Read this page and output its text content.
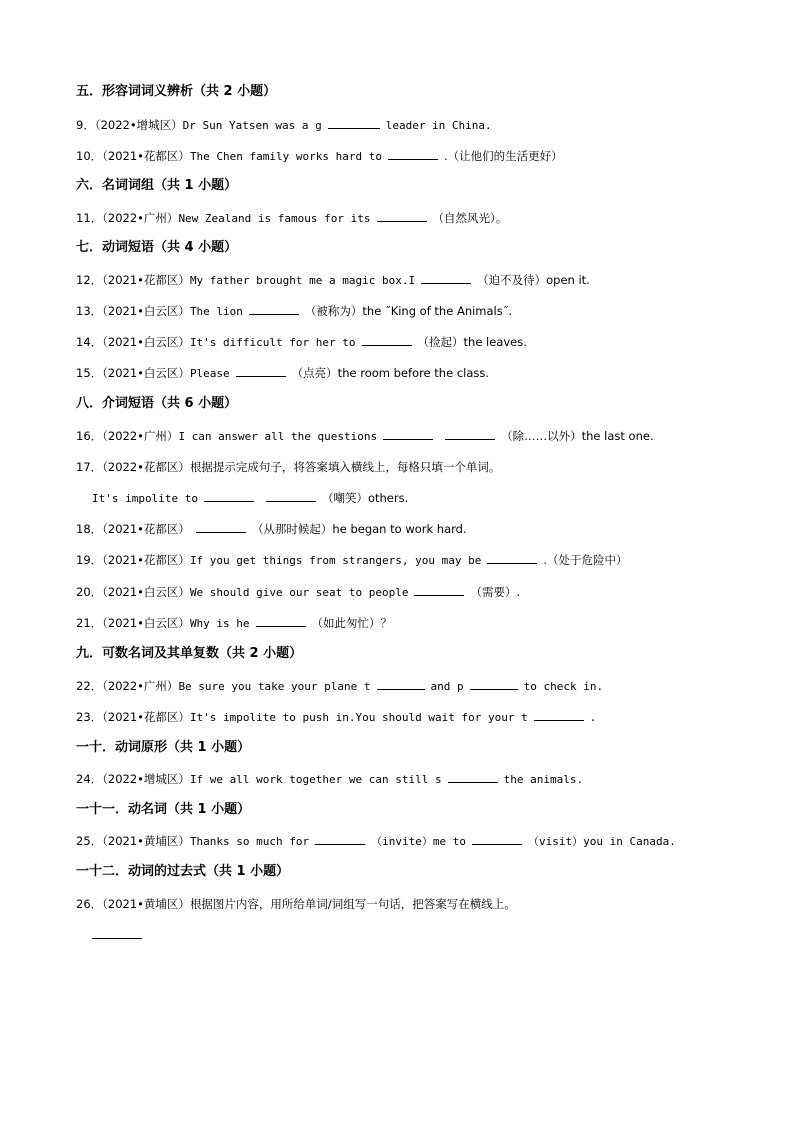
五．形容词词义辨析（共 2 小题）
9．（2022•增城区）Dr Sun Yatsen was a g	leader in China.
10．（2021•花都区）The Chen family works hard to	.（让他们的生活更好）
六．名词词组（共 1 小题）
11．（2022•广州）New Zealand is famous for its	（自然风光）。
七．动词短语（共 4 小题）
12．（2021•花都区）My father brought me a magic box.I	（迫不及待）open it.
13．（2021•白云区）The lion	（被称为）the ˝King of the Animals˝.
14．（2021•白云区）It's difficult for her to	（捡起）the leaves.
15．（2021•白云区）Please	（点亮）the room before the class.
八．介词短语（共 6 小题）
16．（2022•广州）I can answer all the questions	（除……以外）the last one.
17．（2022•花都区）根据提示完成句子，将答案填入横线上，每格只填一个单词。
It's impolite to	（嘲笑）others.
18．（2021•花都区）	（从那时候起）he began to work hard.
19．（2021•花都区）If you get things from strangers, you may be	.（处于危险中）
20．（2021•白云区）We should give our seat to people	（需要）.
21．（2021•白云区）Why is he	（如此匆忙）？
九．可数名词及其单复数（共 2 小题）
22．（2022•广州）Be sure you take your plane t	and p	to check in.
23．（2021•花都区）It's impolite to push in.You should wait for your t	.
一十．动词原形（共 1 小题）
24．（2022•增城区）If we all work together we can still s	the animals.
一十一．动名词（共 1 小题）
25．（2021•黄埔区）Thanks so much for	（invite）me to	（visit）you in Canada.
一十二．动词的过去式（共 1 小题）
26．（2021•黄埔区）根据图片内容，用所给单词/词组写一句话，把答案写在横线上。
